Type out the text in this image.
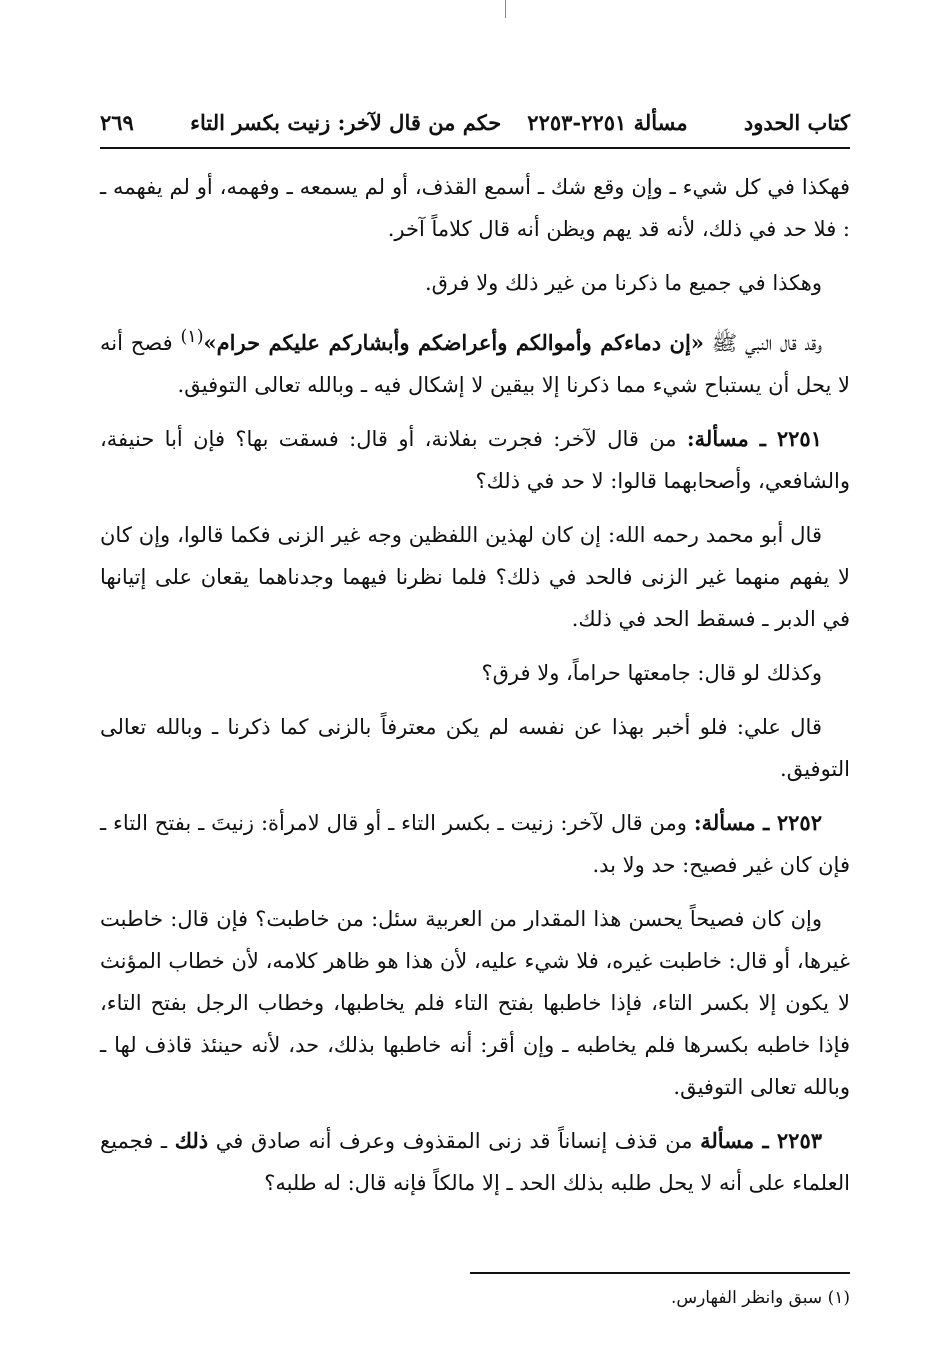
كتاب الحدود
مسألة ٢٢٥١-٢٢٥٣
حكم من قال لآخر: زنيت بكسر التاء
٢٦٩

فهكذا في كل شيء ـ وإن وقع شك ـ أسمع القذف، أو لم يسمعه ـ وفهمه، أو لم يفهمه ـ : فلا حد في ذلك، لأنه قد يهم ويظن أنه قال كلاماً آخر.

وهكذا في جميع ما ذكرنا من غير ذلك ولا فرق.

وقد قال النبي ﷺ «إن دماءكم وأموالكم وأعراضكم وأبشاركم عليكم حرام»$^{(١)}$ فصح أنه لا يحل أن يستباح شيء مما ذكرنا إلا بيقين لا إشكال فيه ـ وبالله تعالى التوفيق.

٢٢٥١ ـ مسألة: من قال لآخر: فجرت بفلانة، أو قال: فسقت بها؟ فإن أبا حنيفة، والشافعي، وأصحابهما قالوا: لا حد في ذلك؟

قال أبو محمد رحمه الله: إن كان لهذين اللفظين وجه غير الزنى فكما قالوا، وإن كان لا يفهم منهما غير الزنى فالحد في ذلك؟ فلما نظرنا فيهما وجدناهما يقعان على إتيانها في الدبر ـ فسقط الحد في ذلك.

وكذلك لو قال: جامعتها حراماً، ولا فرق؟

قال علي: فلو أخبر بهذا عن نفسه لم يكن معترفاً بالزنى كما ذكرنا ـ وبالله تعالى التوفيق.

٢٢٥٢ ـ مسألة: ومن قال لآخر: زنيت ـ بكسر التاء ـ أو قال لامرأة: زنيتَ ـ بفتح التاء ـ فإن كان غير فصيح: حد ولا بد.

وإن كان فصيحاً يحسن هذا المقدار من العربية سئل: من خاطبت؟ فإن قال: خاطبت غيرها، أو قال: خاطبت غيره، فلا شيء عليه، لأن هذا هو ظاهر كلامه، لأن خطاب المؤنث لا يكون إلا بكسر التاء، فإذا خاطبها بفتح التاء فلم يخاطبها، وخطاب الرجل بفتح التاء، فإذا خاطبه بكسرها فلم يخاطبه ـ وإن أقر: أنه خاطبها بذلك، حد، لأنه حينئذ قاذف لها ـ وبالله تعالى التوفيق.

٢٢٥٣ ـ مسألة من قذف إنساناً قد زنى المقذوف وعرف أنه صادق في ذلك ـ فجميع العلماء على أنه لا يحل طلبه بذلك الحد ـ إلا مالكاً فإنه قال: له طلبه؟

(١) سبق وانظر الفهارس.
